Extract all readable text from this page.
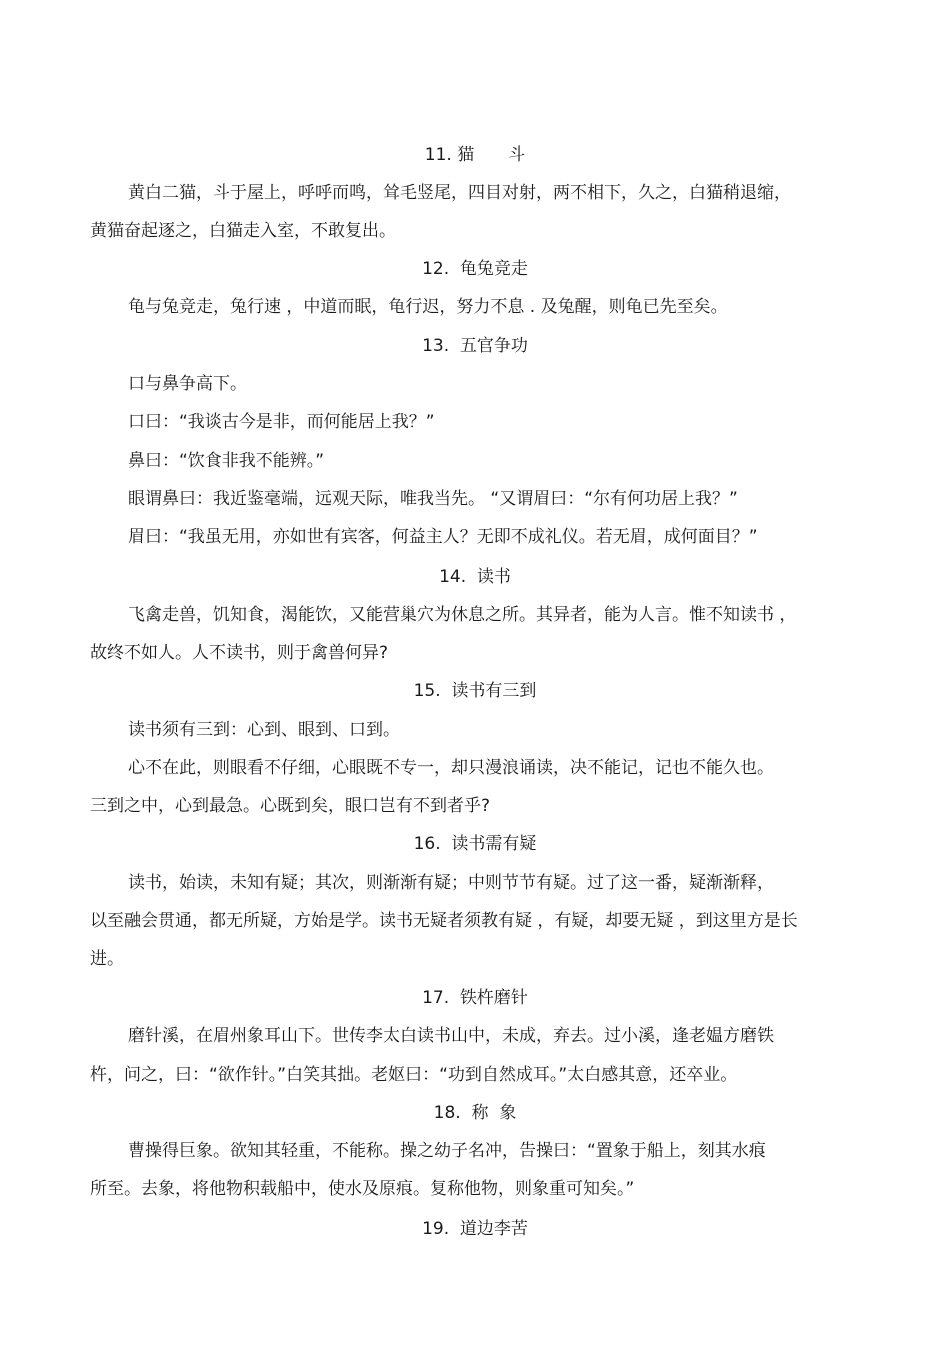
11. 猫　　斗
黄白二猫，斗于屋上，呼呼而鸣，耸毛竖尾，四目对射，两不相下，久之，白猫稍退缩，
黄猫奋起逐之，白猫走入室，不敢复出。
12.  龟兔竞走
龟与兔竞走，兔行速 ，中道而眠，龟行迟，努力不息 . 及兔醒，则龟已先至矣。
13.  五官争功
口与鼻争高下。
口曰：“我谈古今是非，而何能居上我？”
鼻曰：“饮食非我不能辨。”
眼谓鼻曰：我近鉴毫端，远观天际，唯我当先。 “又谓眉曰：“尔有何功居上我？”
眉曰：“我虽无用，亦如世有宾客，何益主人？无即不成礼仪。若无眉，成何面目？”
14.  读书
飞禽走兽，饥知食，渴能饮，又能营巢穴为休息之所。其异者，能为人言。惟不知读书 ，
故终不如人。人不读书，则于禽兽何异?
15.  读书有三到
读书须有三到：心到、眼到、口到。
心不在此，则眼看不仔细，心眼既不专一，却只漫浪诵读，决不能记，记也不能久也。
三到之中，心到最急。心既到矣，眼口岂有不到者乎?
16.  读书需有疑
读书，始读，未知有疑；其次，则渐渐有疑；中则节节有疑。过了这一番，疑渐渐释，
以至融会贯通，都无所疑，方始是学。读书无疑者须教有疑 ，有疑，却要无疑 ，到这里方是长
进。
17.  铁杵磨针
磨针溪，在眉州象耳山下。世传李太白读书山中，未成，弃去。过小溪，逢老媪方磨铁
杵，问之，曰：“欲作针。”白笑其拙。老妪曰：“功到自然成耳。”太白感其意，还卒业。
18.  称  象
曹操得巨象。欲知其轻重，不能称。操之幼子名冲，告操曰：“置象于船上，刻其水痕
所至。去象，将他物积载船中，使水及原痕。复称他物，则象重可知矣。”
19.  道边李苦
